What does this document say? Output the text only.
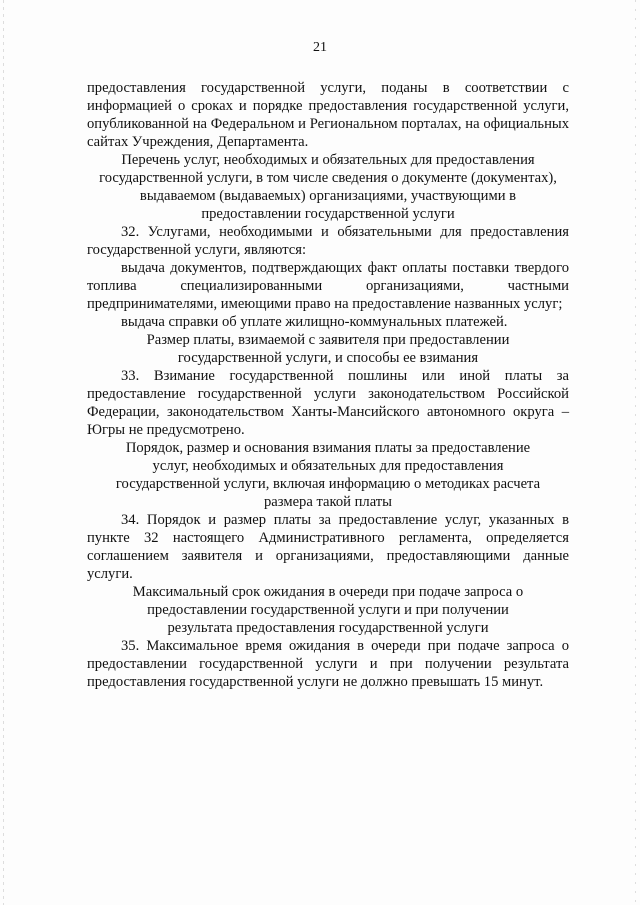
21

предоставления государственной услуги, поданы в соответствии с информацией о сроках и порядке предоставления государственной услуги, опубликованной на Федеральном и Региональном порталах, на официальных сайтах Учреждения, Департамента.

Перечень услуг, необходимых и обязательных для предоставления государственной услуги, в том числе сведения о документе (документах), выдаваемом (выдаваемых) организациями, участвующими в предоставлении государственной услуги

32. Услугами, необходимыми и обязательными для предоставления государственной услуги, являются:

выдача документов, подтверждающих факт оплаты поставки твердого топлива специализированными организациями, частными предпринимателями, имеющими право на предоставление названных услуг;

выдача справки об уплате жилищно-коммунальных платежей.

Размер платы, взимаемой с заявителя при предоставлении государственной услуги, и способы ее взимания

33. Взимание государственной пошлины или иной платы за предоставление государственной услуги законодательством Российской Федерации, законодательством Ханты-Мансийского автономного округа – Югры не предусмотрено.

Порядок, размер и основания взимания платы за предоставление услуг, необходимых и обязательных для предоставления государственной услуги, включая информацию о методиках расчета размера такой платы

34. Порядок и размер платы за предоставление услуг, указанных в пункте 32 настоящего Административного регламента, определяется соглашением заявителя и организациями, предоставляющими данные услуги.

Максимальный срок ожидания в очереди при подаче запроса о предоставлении государственной услуги и при получении результата предоставления государственной услуги

35. Максимальное время ожидания в очереди при подаче запроса о предоставлении государственной услуги и при получении результата предоставления государственной услуги не должно превышать 15 минут.
